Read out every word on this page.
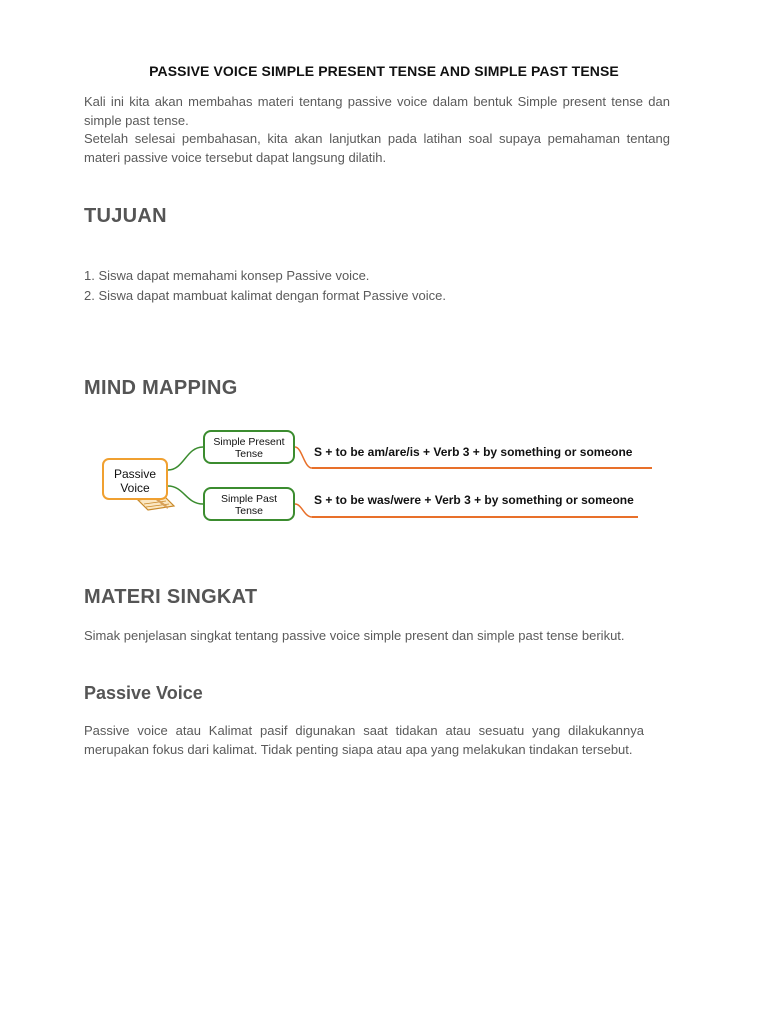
PASSIVE VOICE SIMPLE PRESENT TENSE AND SIMPLE PAST TENSE

Kali ini kita akan membahas materi tentang passive voice dalam bentuk Simple present tense dan simple past tense.

Setelah selesai pembahasan, kita akan lanjutkan pada latihan soal supaya pemahaman tentang materi passive voice tersebut dapat langsung dilatih.

TUJUAN
1. Siswa dapat memahami konsep Passive voice.
2. Siswa dapat mambuat kalimat dengan format Passive voice.
MIND MAPPING
Passive
Voice
Simple Present
Tense	S + to be am/are/is + Verb 3 + by something or someone
Simple Past
Tense
S + to be was/were + Verb 3 + by something or someone
MATERI SINGKAT

Simak penjelasan singkat tentang passive voice simple present dan simple past tense berikut.

Passive Voice

Passive voice atau Kalimat pasif digunakan saat tidakan atau sesuatu yang dilakukannya merupakan fokus dari kalimat. Tidak penting siapa atau apa yang melakukan tindakan tersebut.
